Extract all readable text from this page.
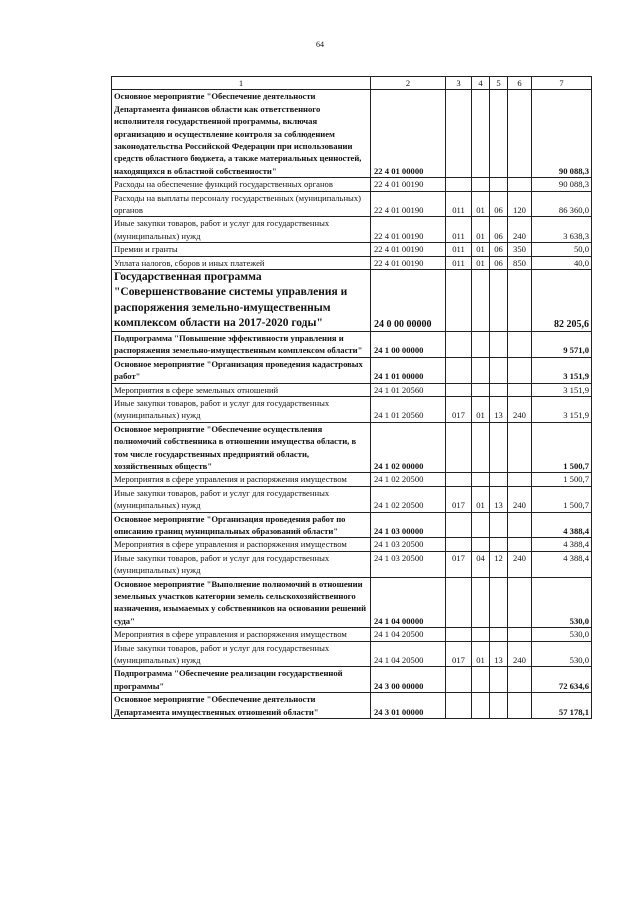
64
1	2	3	4	5	6	7
Основное мероприятие "Обеспечение деятельности Департамента финансов области как ответственного исполнителя государственной программы, включая организацию и осуществление контроля за соблюдением законодательства Российской Федерации при использовании средств областного бюджета, а также материальных ценностей, находящихся в областной собственности"	22 4 01 00000					90 088,3
Расходы на обеспечение функций государственных органов	22 4 01 00190					90 088,3
Расходы на выплаты персоналу государственных (муниципальных) органов	22 4 01 00190	011	01	06	120	86 360,0
Иные закупки товаров, работ и услуг для государственных (муниципальных) нужд	22 4 01 00190	011	01	06	240	3 638,3
Премии и гранты	22 4 01 00190	011	01	06	350	50,0
Уплата налогов, сборов и иных платежей	22 4 01 00190	011	01	06	850	40,0
Государственная программа "Совершенствование системы управления и распоряжения земельно-имущественным комплексом области на 2017-2020 годы"	24 0 00 00000					82 205,6
Подпрограмма "Повышение эффективности управления и распоряжения земельно-имущественным комплексом области"	24 1 00 00000					9 571,0
Основное мероприятие "Организация проведения кадастровых работ"	24 1 01 00000					3 151,9
Мероприятия в сфере земельных отношений	24 1 01 20560					3 151,9
Иные закупки товаров, работ и услуг для государственных (муниципальных) нужд	24 1 01 20560	017	01	13	240	3 151,9
Основное мероприятие "Обеспечение осуществления полномочий собственника в отношении имущества области, в том числе государственных предприятий области, хозяйственных обществ"	24 1 02 00000					1 500,7
Мероприятия в сфере управления и распоряжения имуществом	24 1 02 20500					1 500,7
Иные закупки товаров, работ и услуг для государственных (муниципальных) нужд	24 1 02 20500	017	01	13	240	1 500,7
Основное мероприятие "Организация проведения работ по описанию границ муниципальных образований области"	24 1 03 00000					4 388,4
Мероприятия в сфере управления и распоряжения имуществом	24 1 03 20500					4 388,4
Иные закупки товаров, работ и услуг для государственных (муниципальных) нужд	24 1 03 20500	017	04	12	240	4 388,4
Основное мероприятие "Выполнение полномочий в отношении земельных участков категории земель сельскохозяйственного назначения, изымаемых у собственников на основании решений суда"	24 1 04 00000					530,0
Мероприятия в сфере управления и распоряжения имуществом	24 1 04 20500					530,0
Иные закупки товаров, работ и услуг для государственных (муниципальных) нужд	24 1 04 20500	017	01	13	240	530,0
Подпрограмма "Обеспечение реализации государственной программы"	24 3 00 00000					72 634,6
Основное мероприятие "Обеспечение деятельности Департамента имущественных отношений области"	24 3 01 00000					57 178,1
